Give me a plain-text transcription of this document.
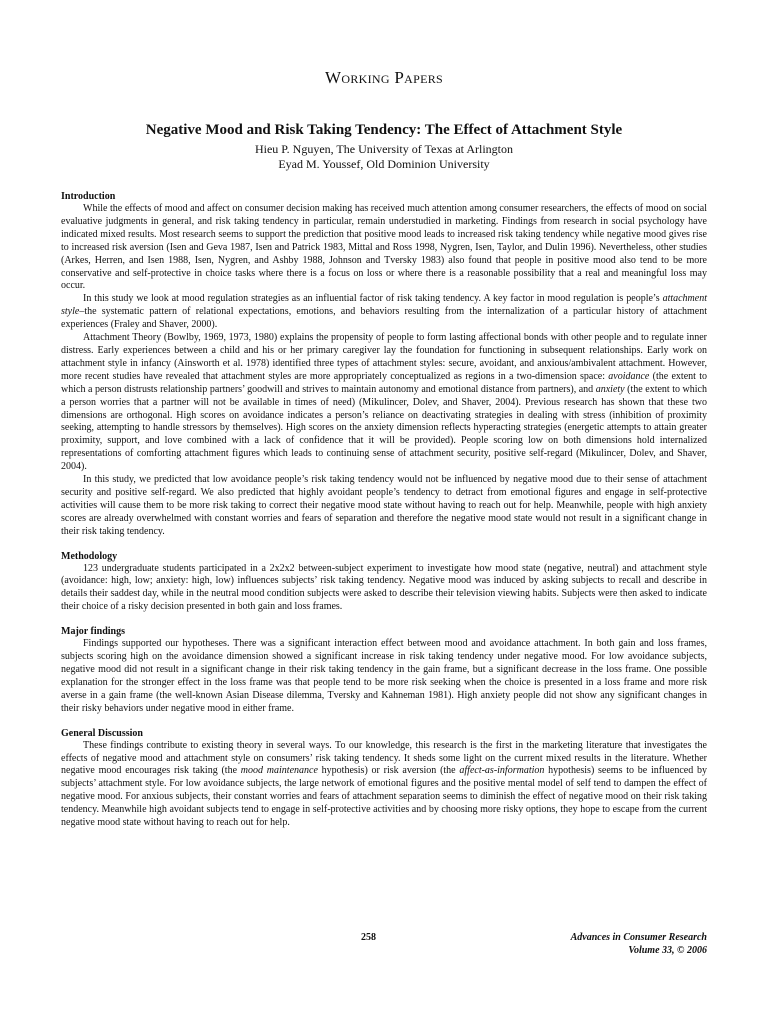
Working Papers
Negative Mood and Risk Taking Tendency: The Effect of Attachment Style
Hieu P. Nguyen, The University of Texas at Arlington
Eyad M. Youssef, Old Dominion University
Introduction

While the effects of mood and affect on consumer decision making has received much attention among consumer researchers, the effects of mood on social evaluative judgments in general, and risk taking tendency in particular, remain understudied in marketing. Findings from research in social psychology have indicated mixed results. Most research seems to support the prediction that positive mood leads to increased risk taking tendency while negative mood gives rise to increased risk aversion (Isen and Geva 1987, Isen and Patrick 1983, Mittal and Ross 1998, Nygren, Isen, Taylor, and Dulin 1996). Nevertheless, other studies (Arkes, Herren, and Isen 1988, Isen, Nygren, and Ashby 1988, Johnson and Tversky 1983) also found that people in positive mood also tend to be more conservative and self-protective in choice tasks where there is a focus on loss or where there is a reasonable possibility that a real and meaningful loss may occur.

In this study we look at mood regulation strategies as an influential factor of risk taking tendency. A key factor in mood regulation is people’s attachment style–the systematic pattern of relational expectations, emotions, and behaviors resulting from the internalization of a particular history of attachment experiences (Fraley and Shaver, 2000).

Attachment Theory (Bowlby, 1969, 1973, 1980) explains the propensity of people to form lasting affectional bonds with other people and to regulate inner distress. Early experiences between a child and his or her primary caregiver lay the foundation for functioning in subsequent relationships. Early work on attachment style in infancy (Ainsworth et al. 1978) identified three types of attachment styles: secure, avoidant, and anxious/ambivalent attachment. However, more recent studies have revealed that attachment styles are more appropriately conceptualized as regions in a two-dimension space: avoidance (the extent to which a person distrusts relationship partners’ goodwill and strives to maintain autonomy and emotional distance from partners), and anxiety (the extent to which a person worries that a partner will not be available in times of need) (Mikulincer, Dolev, and Shaver, 2004). Previous research has shown that these two dimensions are orthogonal. High scores on avoidance indicates a person’s reliance on deactivating strategies in dealing with stress (inhibition of proximity seeking, attempting to handle stressors by themselves). High scores on the anxiety dimension reflects hyperacting strategies (energetic attempts to attain greater proximity, support, and love combined with a lack of confidence that it will be provided). People scoring low on both dimensions hold internalized representations of comforting attachment figures which leads to continuing sense of attachment security, positive self-regard (Mikulincer, Dolev, and Shaver, 2004).

In this study, we predicted that low avoidance people’s risk taking tendency would not be influenced by negative mood due to their sense of attachment security and positive self-regard. We also predicted that highly avoidant people’s tendency to detract from emotional figures and engage in self-protective activities will cause them to be more risk taking to correct their negative mood state without having to reach out for help. Meanwhile, people with high anxiety scores are already overwhelmed with constant worries and fears of separation and therefore the negative mood state would not result in a significant change in their risk taking tendency.

Methodology

123 undergraduate students participated in a 2x2x2 between-subject experiment to investigate how mood state (negative, neutral) and attachment style (avoidance: high, low; anxiety: high, low) influences subjects’ risk taking tendency. Negative mood was induced by asking subjects to recall and describe in details their saddest day, while in the neutral mood condition subjects were asked to describe their television viewing habits. Subjects were then asked to indicate their choice of a risky decision presented in both gain and loss frames.

Major findings

Findings supported our hypotheses. There was a significant interaction effect between mood and avoidance attachment. In both gain and loss frames, subjects scoring high on the avoidance dimension showed a significant increase in risk taking tendency under negative mood. For low avoidance subjects, negative mood did not result in a significant change in their risk taking tendency in the gain frame, but a significant decrease in the loss frame. One possible explanation for the stronger effect in the loss frame was that people tend to be more risk seeking when the choice is presented in a loss frame and more risk averse in a gain frame (the well-known Asian Disease dilemma, Tversky and Kahneman 1981). High anxiety people did not show any significant changes in their risky behaviors under negative mood in either frame.

General Discussion

These findings contribute to existing theory in several ways. To our knowledge, this research is the first in the marketing literature that investigates the effects of negative mood and attachment style on consumers’ risk taking tendency. It sheds some light on the current mixed results in the literature. Whether negative mood encourages risk taking (the mood maintenance hypothesis) or risk aversion (the affect-as-information hypothesis) seems to be influenced by subjects’ attachment style. For low avoidance subjects, the large network of emotional figures and the positive mental model of self tend to dampen the effect of negative mood. For anxious subjects, their constant worries and fears of attachment separation seems to diminish the effect of negative mood on their risk taking tendency. Meanwhile high avoidant subjects tend to engage in self-protective activities and by choosing more risky options, they hope to escape from the current negative mood state without having to reach out for help.

258	Advances in Consumer Research
Volume 33, © 2006
